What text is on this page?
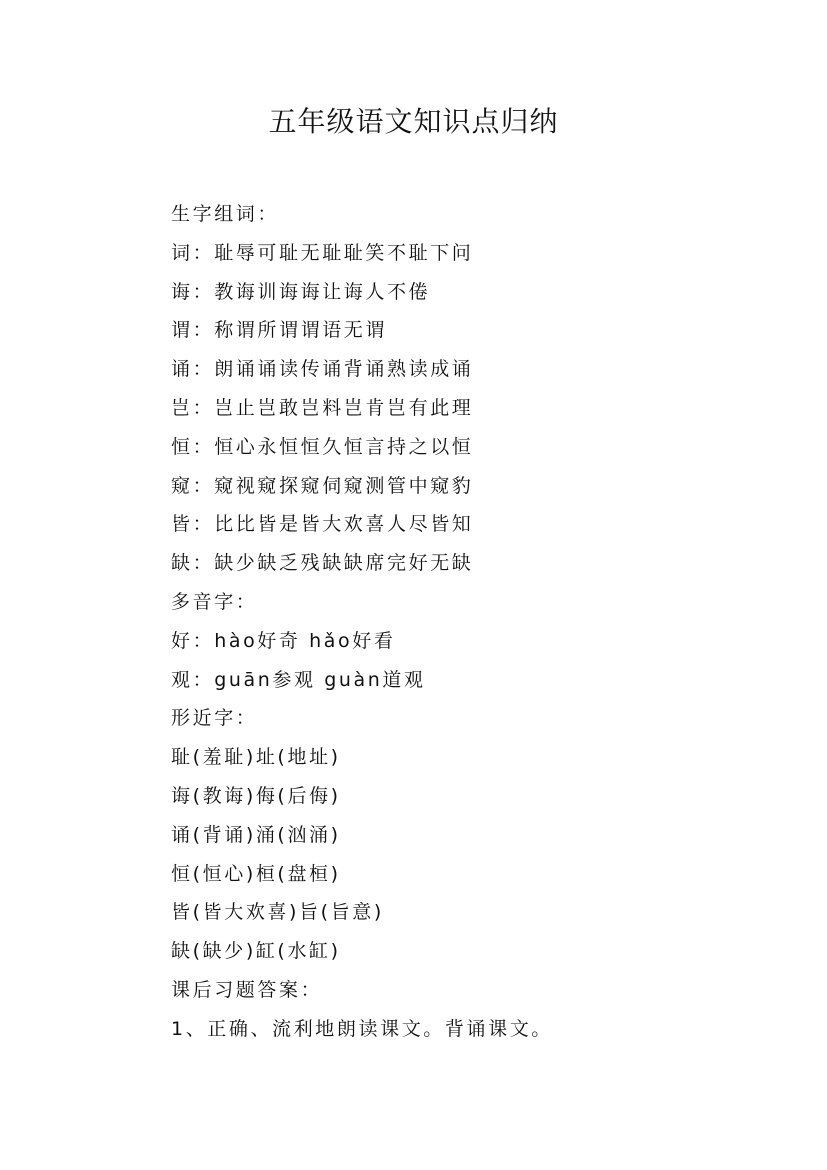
五年级语文知识点归纳
生字组词：
词：耻辱可耻无耻耻笑不耻下问
诲：教诲训诲诲让诲人不倦
谓：称谓所谓谓语无谓
诵：朗诵诵读传诵背诵熟读成诵
岂：岂止岂敢岂料岂肯岂有此理
恒：恒心永恒恒久恒言持之以恒
窥：窥视窥探窥伺窥测管中窥豹
皆：比比皆是皆大欢喜人尽皆知
缺：缺少缺乏残缺缺席完好无缺
多音字：
好：hào好奇 hǎo好看
观：guān参观 guàn道观
形近字：
耻(羞耻)址(地址)
诲(教诲)侮(后侮)
诵(背诵)涌(汹涌)
恒(恒心)桓(盘桓)
皆(皆大欢喜)旨(旨意)
缺(缺少)缸(水缸)
课后习题答案：
1、正确、流利地朗读课文。背诵课文。
